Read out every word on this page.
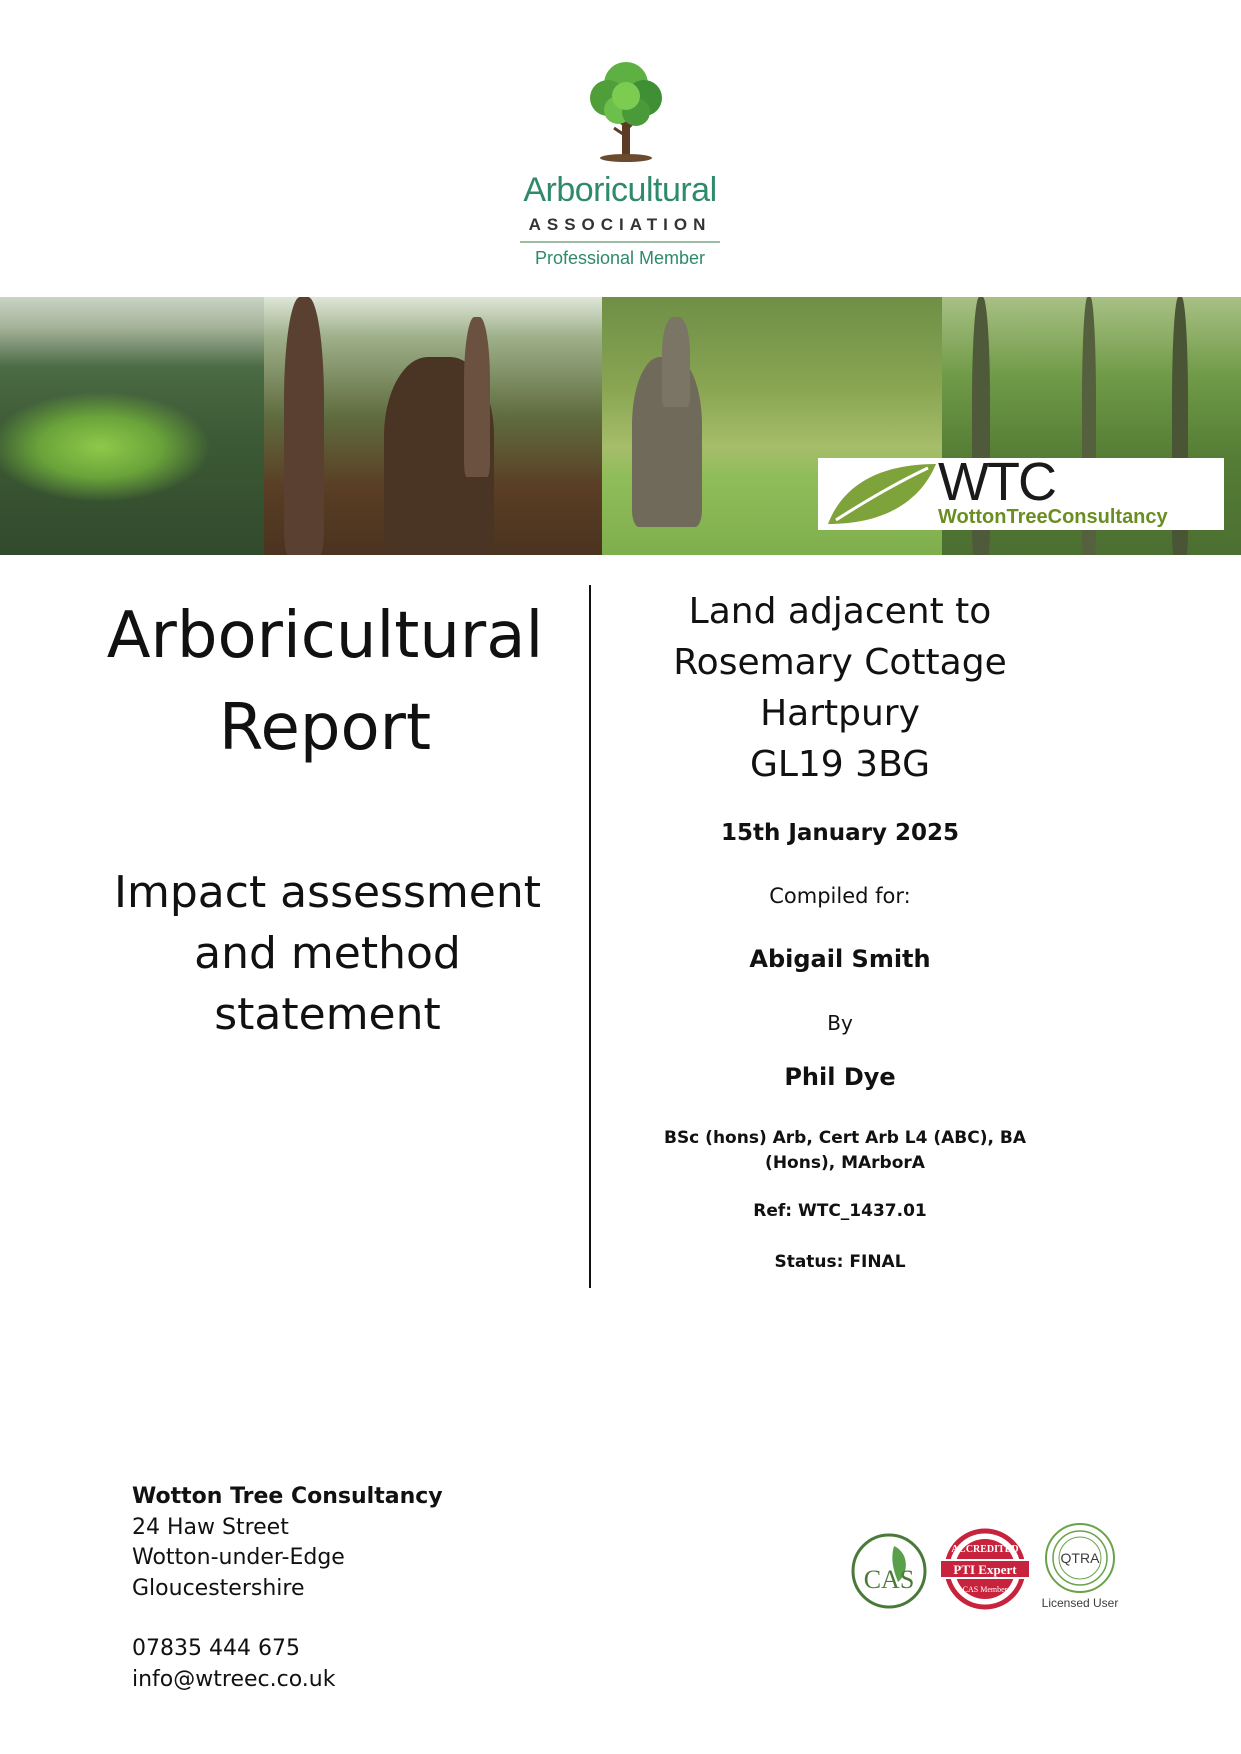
Arboricultural
ASSOCIATION
Professional Member
WTC
WottonTreeConsultancy
Arboricultural
Report
Impact assessment
and method
statement
Land adjacent to
Rosemary Cottage
Hartpury
GL19 3BG
15th January 2025
Compiled for:
Abigail Smith
By
Phil Dye
BSc (hons) Arb, Cert Arb L4 (ABC), BA (Hons), MArborA
Ref: WTC_1437.01
Status: FINAL
Wotton Tree Consultancy
24 Haw Street
Wotton-under-Edge
Gloucestershire
07835 444 675
info@wtreec.co.uk
CAS
ACCREDITED
PTI Expert
CAS Member
QTRA
Licensed User
